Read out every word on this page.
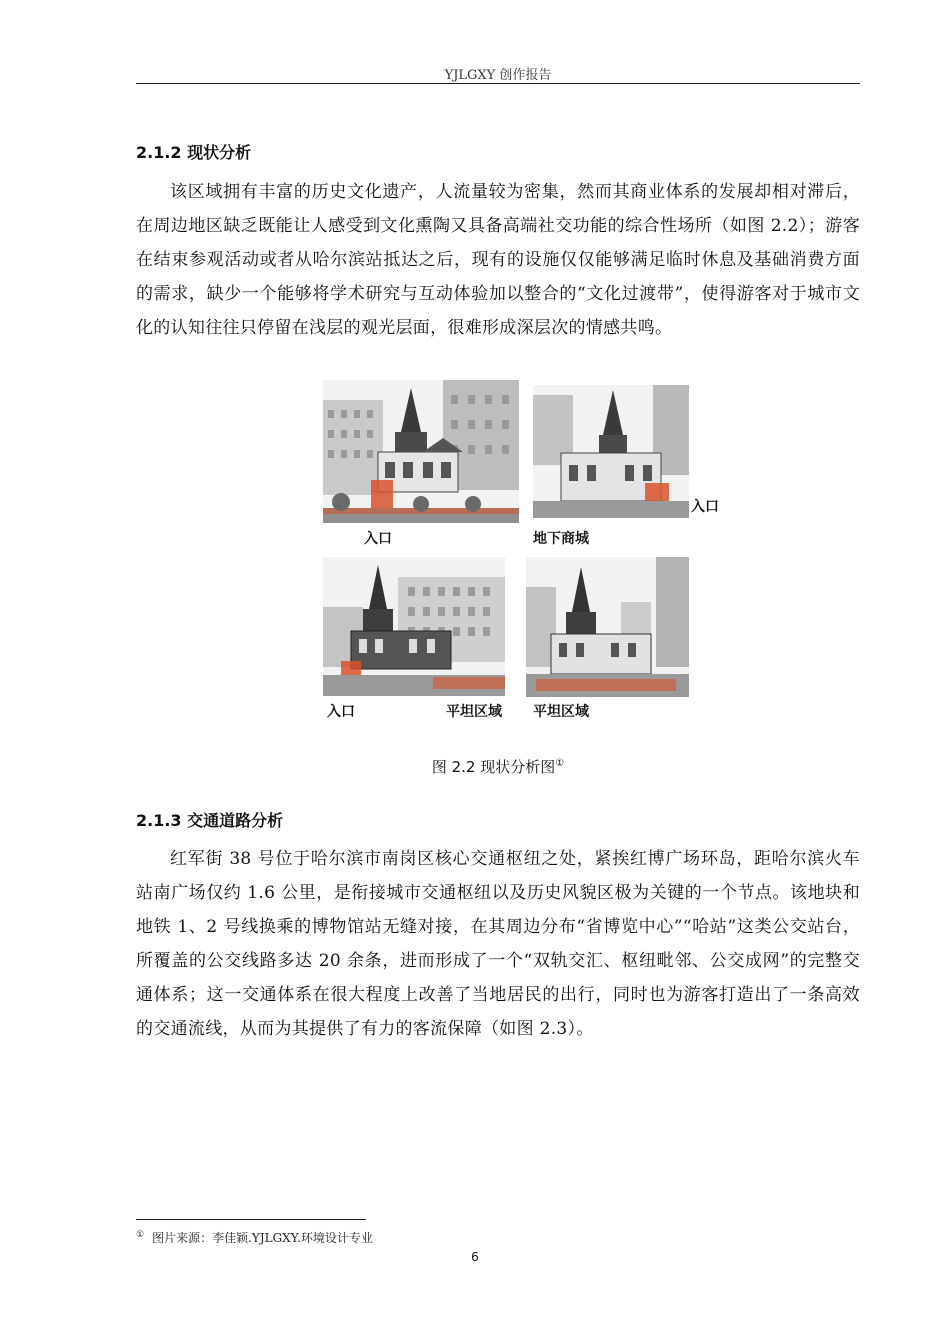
YJLGXY 创作报告
2.1.2 现状分析
该区域拥有丰富的历史文化遗产，人流量较为密集，然而其商业体系的发展却相对滞后，在周边地区缺乏既能让人感受到文化熏陶又具备高端社交功能的综合性场所（如图 2.2）；游客在结束参观活动或者从哈尔滨站抵达之后，现有的设施仅仅能够满足临时休息及基础消费方面的需求，缺少一个能够将学术研究与互动体验加以整合的“文化过渡带”，使得游客对于城市文化的认知往往只停留在浅层的观光层面，很难形成深层次的情感共鸣。
入口
入口
地下商城
入口	平坦区域 平坦区域
图 2.2 现状分析图①
2.1.3 交通道路分析
红军街 38 号位于哈尔滨市南岗区核心交通枢纽之处，紧挨红博广场环岛，距哈尔滨火车站南广场仅约 1.6 公里，是衔接城市交通枢纽以及历史风貌区极为关键的一个节点。该地块和地铁 1、2 号线换乘的博物馆站无缝对接，在其周边分布“省博览中心”“哈站”这类公交站台，所覆盖的公交线路多达 20 余条，进而形成了一个“双轨交汇、枢纽毗邻、公交成网”的完整交通体系；这一交通体系在很大程度上改善了当地居民的出行，同时也为游客打造出了一条高效的交通流线，从而为其提供了有力的客流保障（如图 2.3）。
① 图片来源：李佳颖.YJLGXY.环境设计专业
6
